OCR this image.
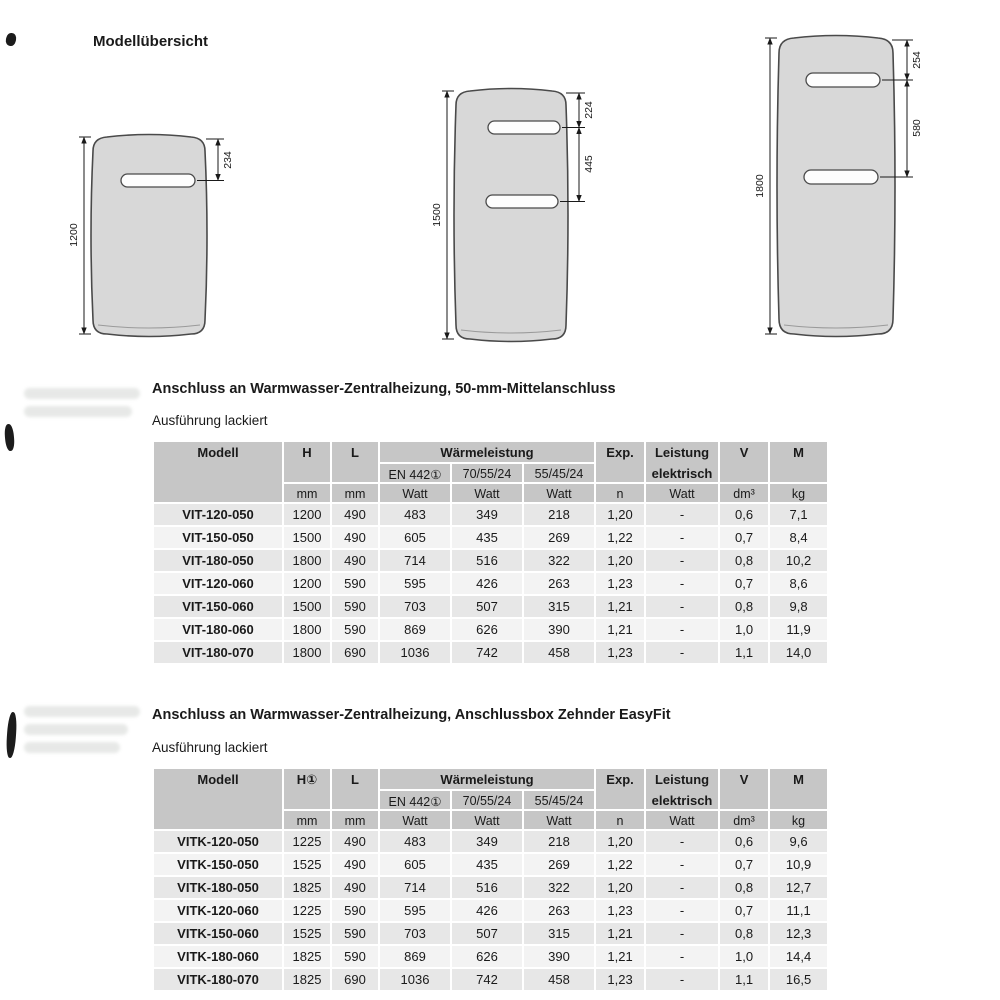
Modellübersicht
1200
234
1500
224
445
1800
254
580
Anschluss an Warmwasser-Zentralheizung, 50-mm-Mittelanschluss
Ausführung lackiert
Modell	H	L	Wärmeleistung			Exp.	Leistung	V	M
			EN 442①	70/55/24	55/45/24		elektrisch		
	mm	mm	Watt	Watt	Watt	n	Watt	dm³	kg
VIT-120-050	1200	490	483	349	218	1,20	-	0,6	7,1
VIT-150-050	1500	490	605	435	269	1,22	-	0,7	8,4
VIT-180-050	1800	490	714	516	322	1,20	-	0,8	10,2
VIT-120-060	1200	590	595	426	263	1,23	-	0,7	8,6
VIT-150-060	1500	590	703	507	315	1,21	-	0,8	9,8
VIT-180-060	1800	590	869	626	390	1,21	-	1,0	11,9
VIT-180-070	1800	690	1036	742	458	1,23	-	1,1	14,0
Anschluss an Warmwasser-Zentralheizung, Anschlussbox Zehnder EasyFit
Ausführung lackiert
Modell	H①	L	Wärmeleistung			Exp.	Leistung	V	M
			EN 442①	70/55/24	55/45/24		elektrisch		
	mm	mm	Watt	Watt	Watt	n	Watt	dm³	kg
VITK-120-050	1225	490	483	349	218	1,20	-	0,6	9,6
VITK-150-050	1525	490	605	435	269	1,22	-	0,7	10,9
VITK-180-050	1825	490	714	516	322	1,20	-	0,8	12,7
VITK-120-060	1225	590	595	426	263	1,23	-	0,7	11,1
VITK-150-060	1525	590	703	507	315	1,21	-	0,8	12,3
VITK-180-060	1825	590	869	626	390	1,21	-	1,0	14,4
VITK-180-070	1825	690	1036	742	458	1,23	-	1,1	16,5
